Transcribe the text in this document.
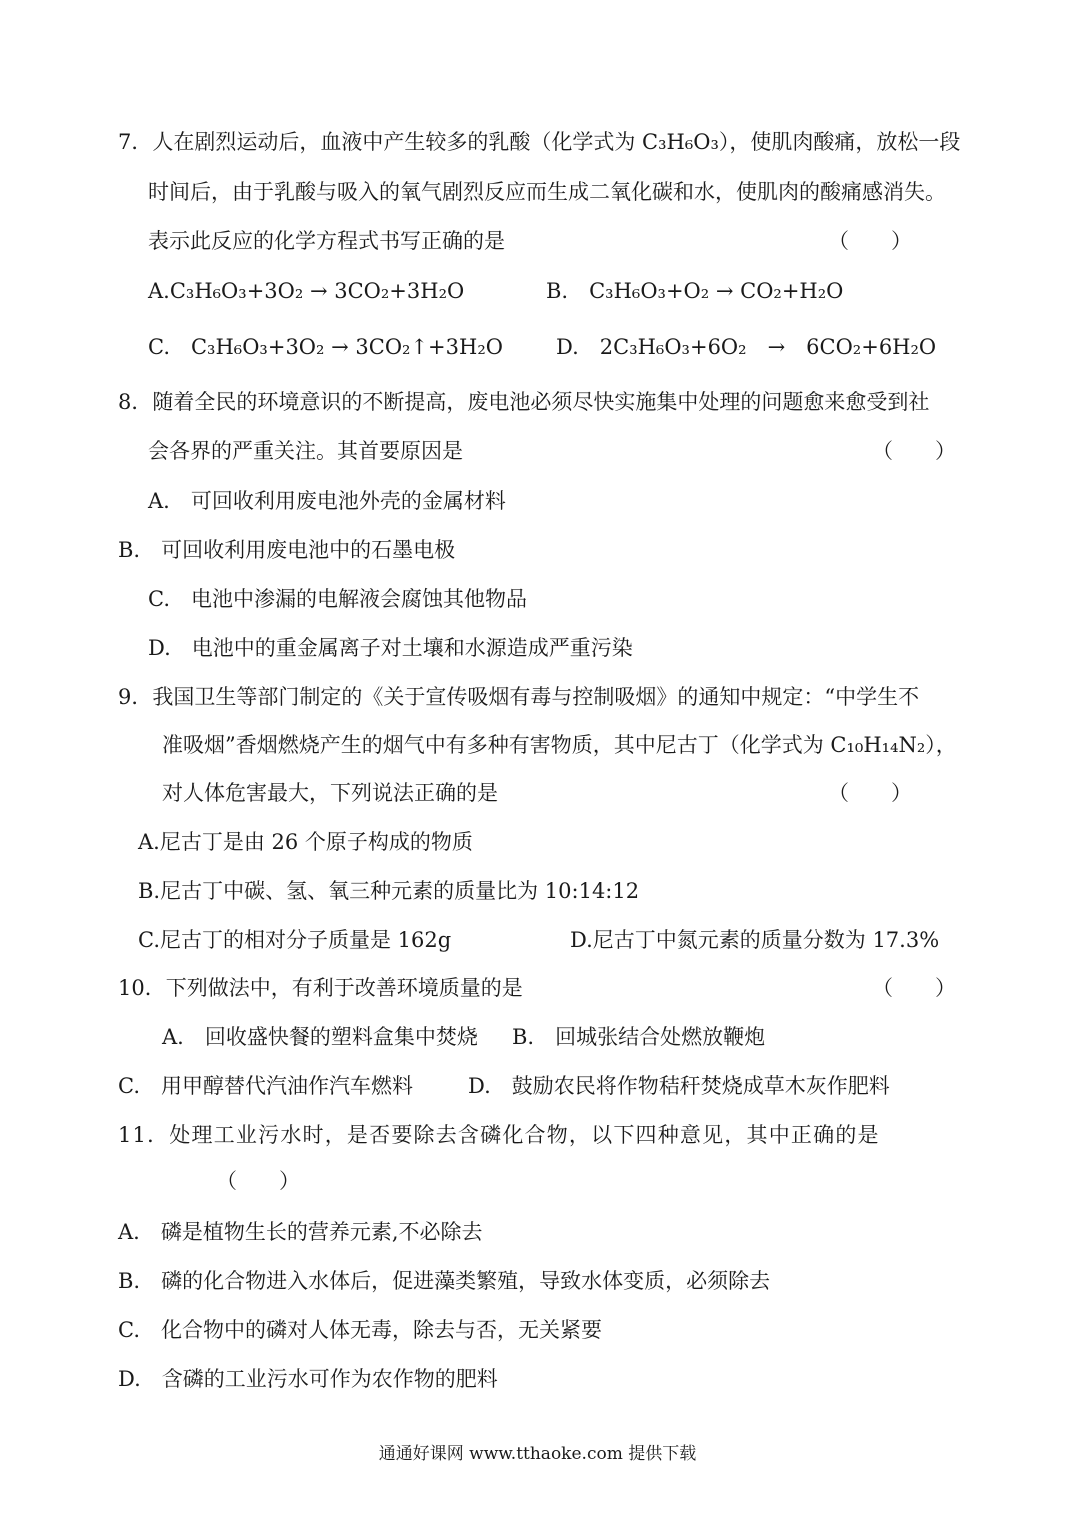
7．人在剧烈运动后，血液中产生较多的乳酸（化学式为 C₃H₆O₃），使肌肉酸痛，放松一段
时间后，由于乳酸与吸入的氧气剧烈反应而生成二氧化碳和水，使肌肉的酸痛感消失。
表示此反应的化学方程式书写正确的是	（　　）
A.C₃H₆O₃+3O₂ → 3CO₂+3H₂O	B.　C₃H₆O₃+O₂ → CO₂+H₂O
C.　C₃H₆O₃+3O₂ → 3CO₂↑+3H₂O	D.　2C₃H₆O₃+6O₂　→　6CO₂+6H₂O
8．随着全民的环境意识的不断提高，废电池必须尽快实施集中处理的问题愈来愈受到社
会各界的严重关注。其首要原因是	（　　）
A.　可回收利用废电池外壳的金属材料
B.　可回收利用废电池中的石墨电极
C.　电池中渗漏的电解液会腐蚀其他物品
D.　电池中的重金属离子对土壤和水源造成严重污染
9．我国卫生等部门制定的《关于宣传吸烟有毒与控制吸烟》的通知中规定：“中学生不
准吸烟”香烟燃烧产生的烟气中有多种有害物质，其中尼古丁（化学式为 C₁₀H₁₄N₂），
对人体危害最大，下列说法正确的是	（　　）
A.尼古丁是由 26 个原子构成的物质
B.尼古丁中碳、氢、氧三种元素的质量比为 10:14:12
C.尼古丁的相对分子质量是 162g	D.尼古丁中氮元素的质量分数为 17.3%
10．下列做法中，有利于改善环境质量的是	（　　）
A.　回收盛快餐的塑料盒集中焚烧 B.　回城张结合处燃放鞭炮
C.　用甲醇替代汽油作汽车燃料	D.　鼓励农民将作物秸秆焚烧成草木灰作肥料
11．处理工业污水时，是否要除去含磷化合物，以下四种意见，其中正确的是
（　　）
A.　磷是植物生长的营养元素,不必除去
B.　磷的化合物进入水体后，促进藻类繁殖，导致水体变质，必须除去
C.　化合物中的磷对人体无毒，除去与否，无关紧要
D.　含磷的工业污水可作为农作物的肥料
通通好课网 www.tthaoke.com 提供下载
